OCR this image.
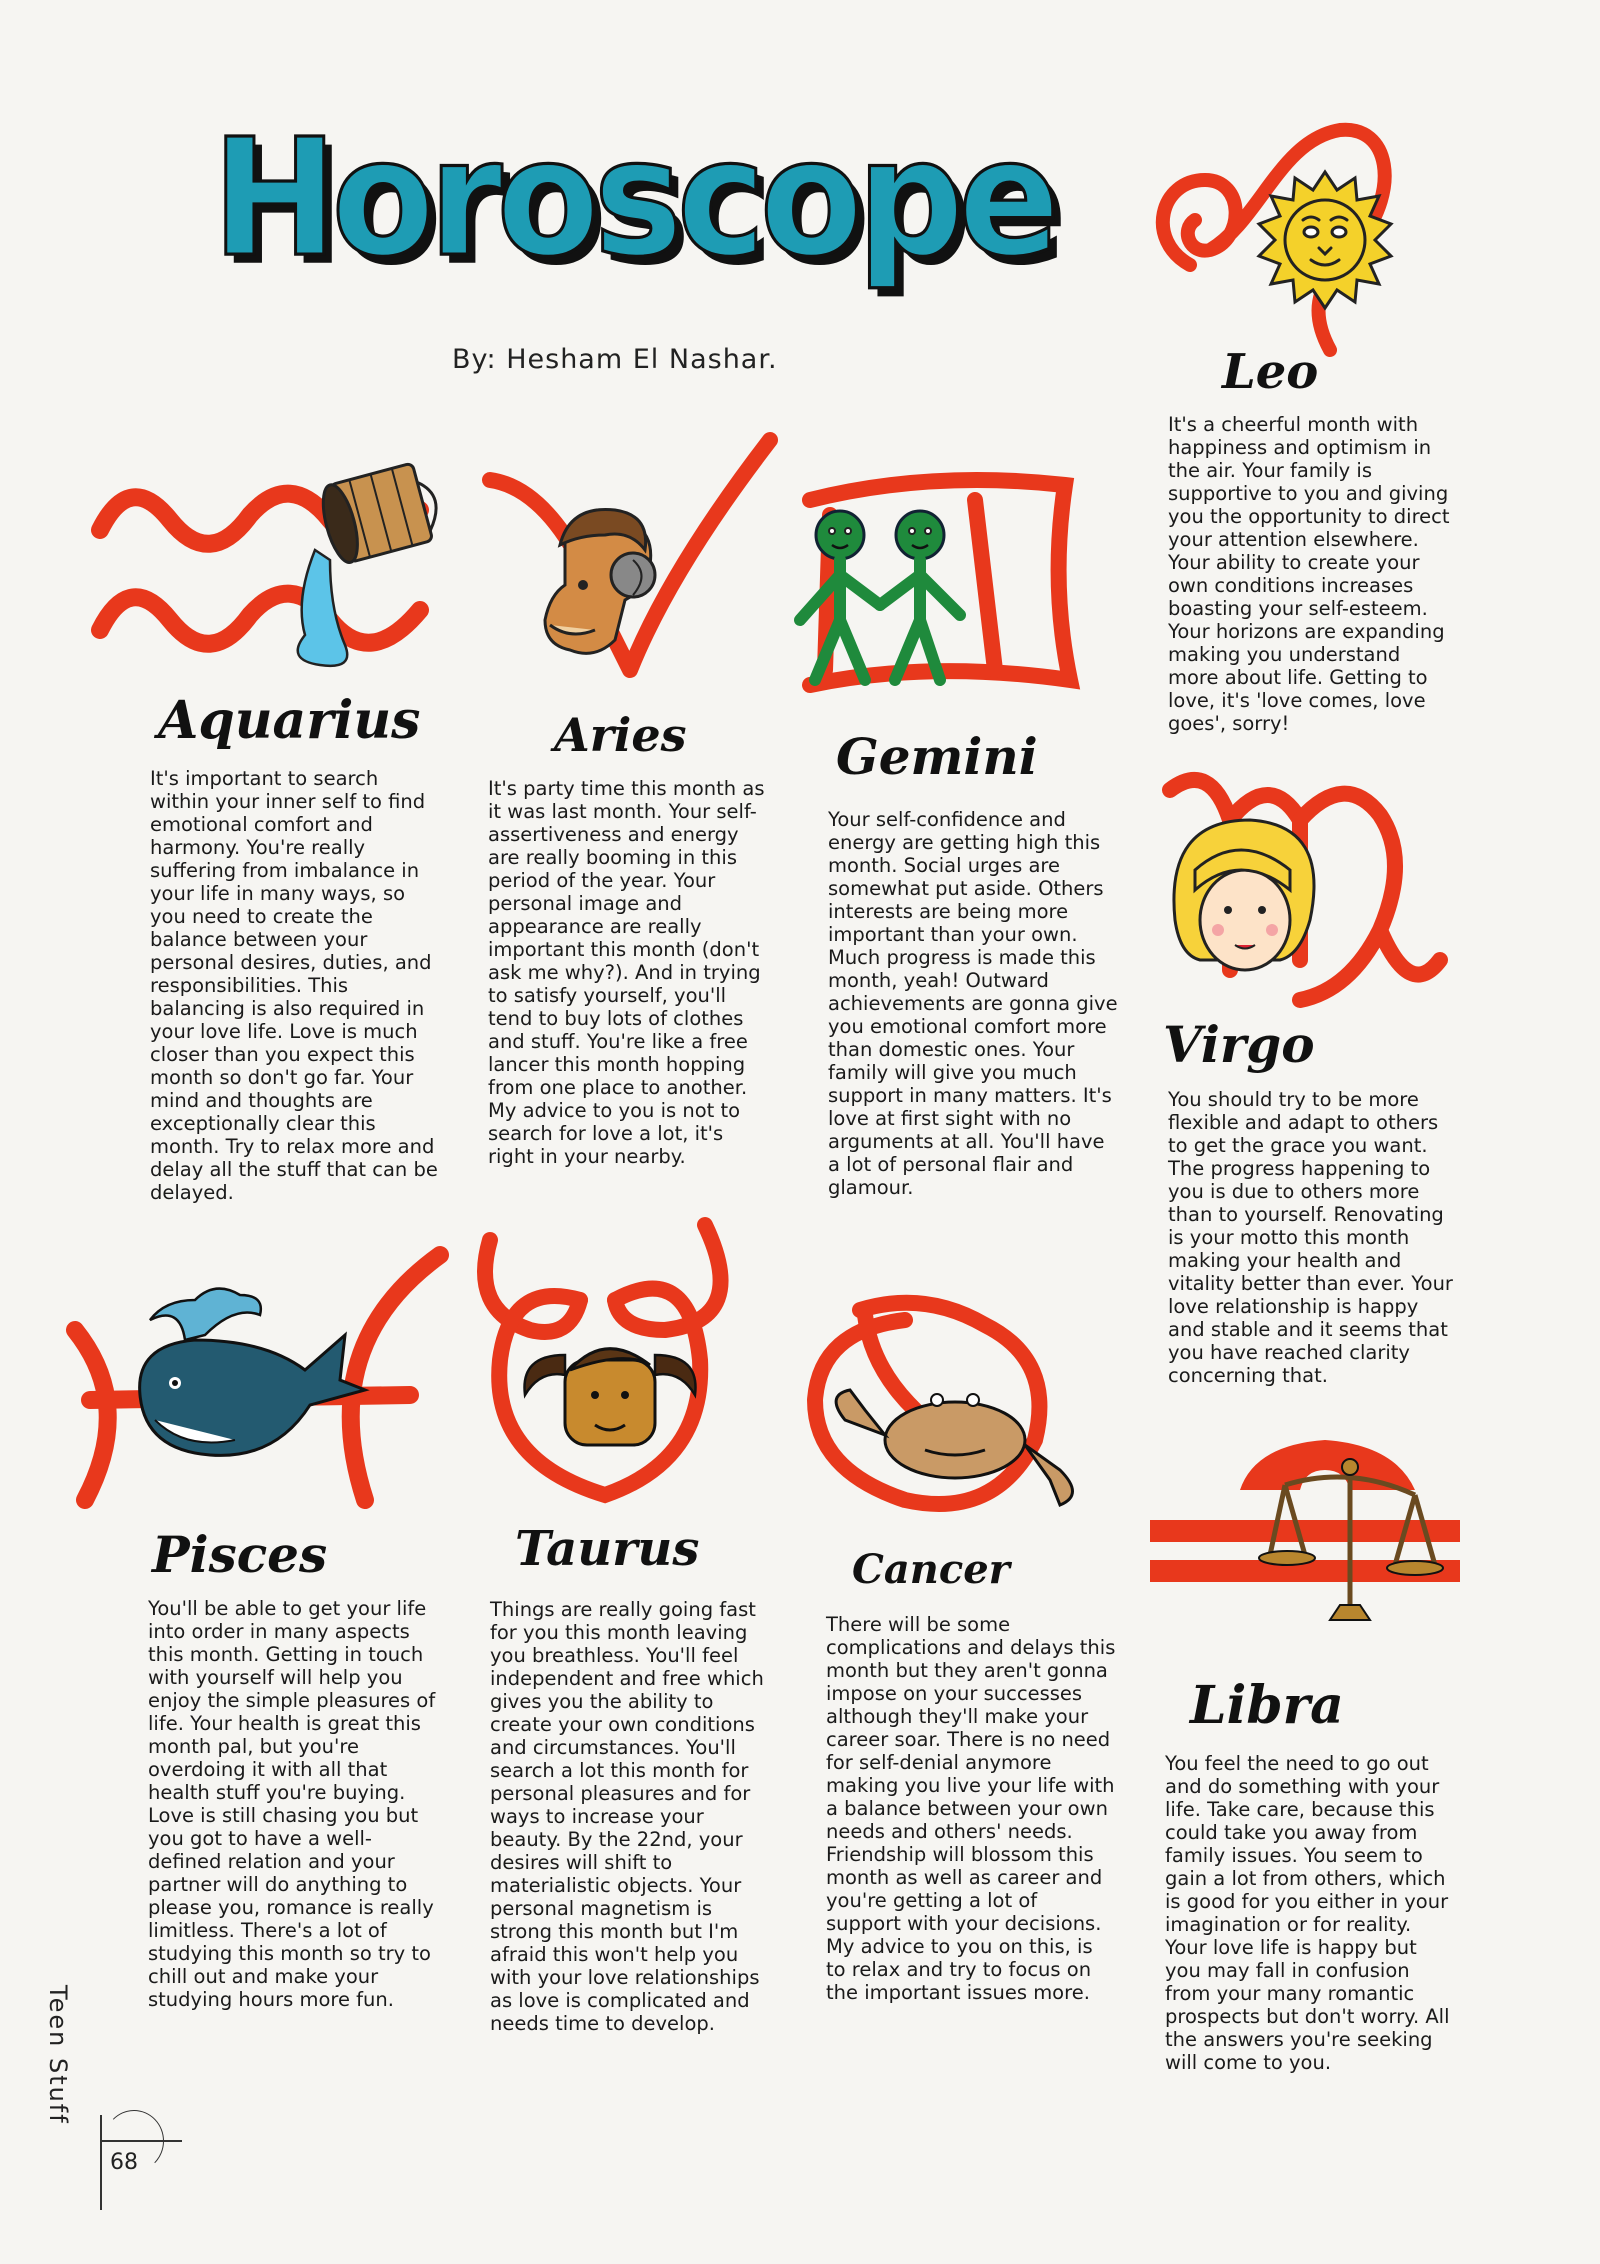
Horoscope
By: Hesham El Nashar.	Leo

It's a cheerful month with happiness and optimism in the air. Your family is supportive to you and giving you the opportunity to direct your attention elsewhere. Your ability to create your own conditions increases boasting your self-esteem. Your horizons are expanding making you understand more about life. Getting to love, it's 'love comes, love goes', sorry!

Aquarius

It's important to search within your inner self to find emotional comfort and harmony. You're really suffering from imbalance in your life in many ways, so you need to create the balance between your personal desires, duties, and responsibilities. This balancing is also required in your love life. Love is much closer than you expect this month so don't go far. Your mind and thoughts are exceptionally clear this month. Try to relax more and delay all the stuff that can be delayed.

Aries

It's party time this month as it was last month. Your self-assertiveness and energy are really booming in this period of the year. Your personal image and appearance are really important this month (don't ask me why?). And in trying to satisfy yourself, you'll tend to buy lots of clothes and stuff. You're like a free lancer this month hopping from one place to another. My advice to you is not to search for love a lot, it's right in your nearby.

Gemini

Your self-confidence and energy are getting high this month. Social urges are somewhat put aside. Others interests are being more important than your own. Much progress is made this month, yeah! Outward achievements are gonna give you emotional comfort more than domestic ones. Your family will give you much support in many matters. It's love at first sight with no arguments at all. You'll have a lot of personal flair and glamour.

Virgo

You should try to be more flexible and adapt to others to get the grace you want. The progress happening to you is due to others more than to yourself. Renovating is your motto this month making your health and vitality better than ever. Your love relationship is happy and stable and it seems that you have reached clarity concerning that.

Pisces

You'll be able to get your life into order in many aspects this month. Getting in touch with yourself will help you enjoy the simple pleasures of life. Your health is great this month pal, but you're overdoing it with all that health stuff you're buying. Love is still chasing you but you got to have a well-defined relation and your partner will do anything to please you, romance is really limitless. There's a lot of studying this month so try to chill out and make your studying hours more fun.

Taurus

Things are really going fast for you this month leaving you breathless. You'll feel independent and free which gives you the ability to create your own conditions and circumstances. You'll search a lot this month for personal pleasures and for ways to increase your beauty. By the 22nd, your desires will shift to materialistic objects. Your personal magnetism is strong this month but I'm afraid this won't help you with your love relationships as love is complicated and needs time to develop.

Cancer

There will be some complications and delays this month but they aren't gonna impose on your successes although they'll make your career soar. There is no need for self-denial anymore making you live your life with a balance between your own needs and others' needs. Friendship will blossom this month as well as career and you're getting a lot of support with your decisions. My advice to you on this, is to relax and try to focus on the important issues more.

Libra

You feel the need to go out and do something with your life. Take care, because this could take you away from family issues. You seem to gain a lot from others, which is good for you either in your imagination or for reality. Your love life is happy but you may fall in confusion from your many romantic prospects but don't worry. All the answers you're seeking will come to you.

Teen Stuff
68
